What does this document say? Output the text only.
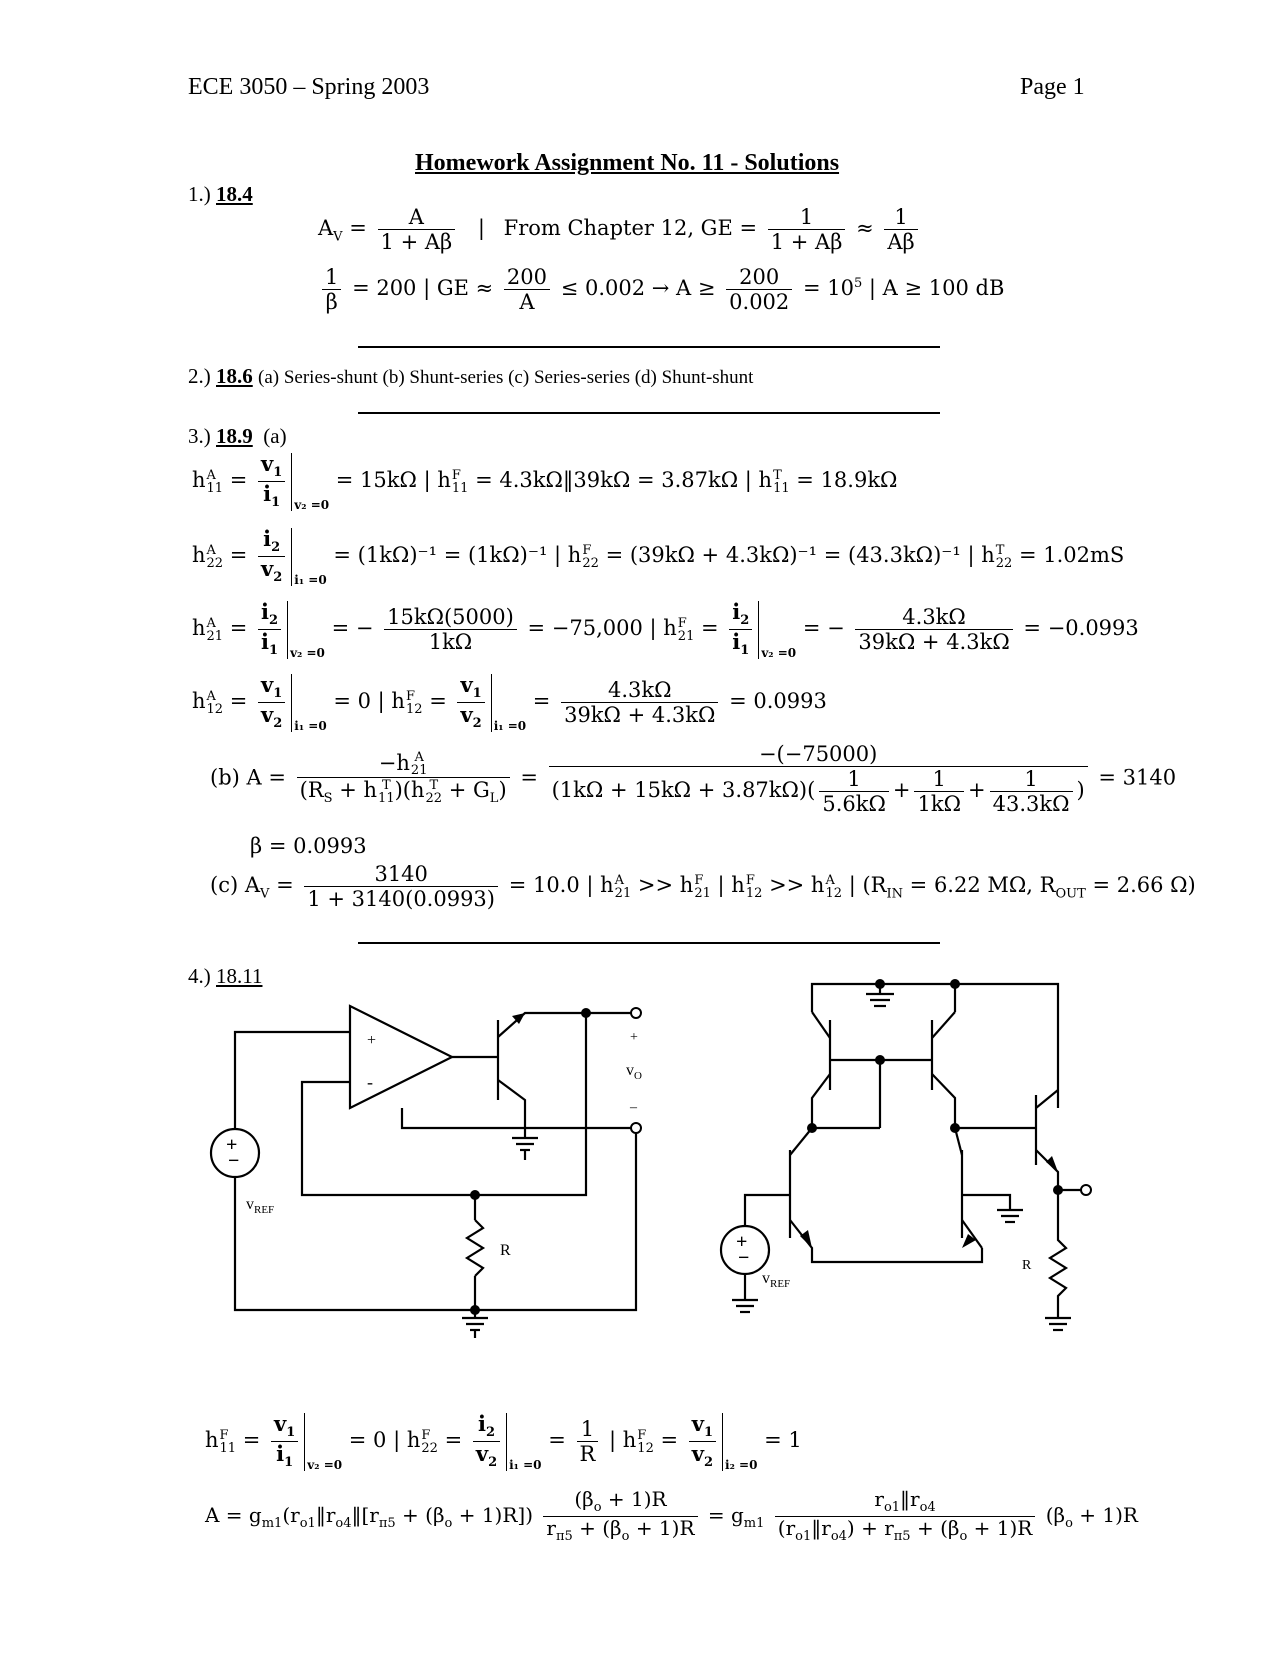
ECE 3050 – Spring 2003	Page 1
Homework Assignment No. 11 - Solutions
1.) 18.4
$A_V = \frac{A}{1 + A\beta}$ | From Chapter 12, GE = $\frac{1}{1 + A\beta} \approx \frac{1}{A\beta}$
$\frac{1}{\beta} = 200$ | GE ≈ $\frac{200}{A} \le 0.002 \to A \ge \frac{200}{0.002} = 10^5$ | A ≥ 100 dB
2.) 18.6 (a) Series-shunt (b) Shunt-series (c) Series-series (d) Shunt-shunt
3.) 18.9 (a)
h A
$11 = \frac{v_1}{i_1} _{v_2 =0} = 15k\Omega$ | h F
11 = 4.3kΩ‖39kΩ = 3.87kΩ | h T
11 = 18.9kΩ
h A
$22 = \frac{i_2}{v_2} _{i_1 =0} = (1k\Omega)^{-1} = (1k\Omega)^{-1}$ | h F
22 = (39kΩ + 4.3kΩ)⁻¹ = (43.3kΩ)⁻¹ | h T
22 = 1.02mS
h A
$21 = \frac{i_2}{i_1} _{v_2 =0}$ = − $\frac{15k\Omega(5000)}{1k\Omega} = -75,000$ | h F
$21 = \frac{i_2}{i_1} _{v_2 =0}$ = − $\frac{4.3k\Omega}{39k\Omega + 4.3k\Omega} = -0.0993$
h A
$12 = \frac{v_1}{v_2} _{i_1 =0} = 0$ | h F
$12 = \frac{v_1}{v_2} _{i_1 =0} = \frac{4.3k\Omega}{39k\Omega + 4.3k\Omega} = 0.0993$
(b) A = −h A
21
($R_S + h$ T
11 )(h T
$22 + G_L) = \frac{-(-75000)}{(1k\Omega + 15k\Omega + 3.87k\Omega)( \frac{1}{5.6k\Omega} + \frac{1}{1k\Omega} + \frac{1}{43.3k\Omega} )} = 3140$
β = 0.0993
(c) $A_V = \frac{3140}{1 + 3140(0.0993)} = 10.0$ | h A
21 >> h F
21 | h F
12 >> h A
12 | ($R_{IN} = 6.22$ MΩ, $R_{OUT} = 2.66$ Ω)
4.) 18.11
+
-
+
$v_O$
–
+
−
$v_{REF}$
R	+
−
$v_{REF}$
R
h F
$11 = \frac{v_1}{i_1} _{v_2 =0} = 0$ | h F
$22 = \frac{i_2}{v_2} _{i_1 =0} = \frac{1}{R}$ | h F
$12 = \frac{v_1}{v_2} _{i_2 =0} = 1$
$A = g_{m1}(r_{o1}‖r_{o4}‖[r_{\pi 5} + (\beta_o + 1)R]) \frac{(\beta_o + 1)R}{r_{\pi 5} + (\beta_o + 1)R} = g_{m1} \frac{r_{o1}‖r_{o4}}{(r_{o1}‖r_{o4}) + r_{\pi 5} + (\beta_o + 1)R} (\beta_o + 1)R$
